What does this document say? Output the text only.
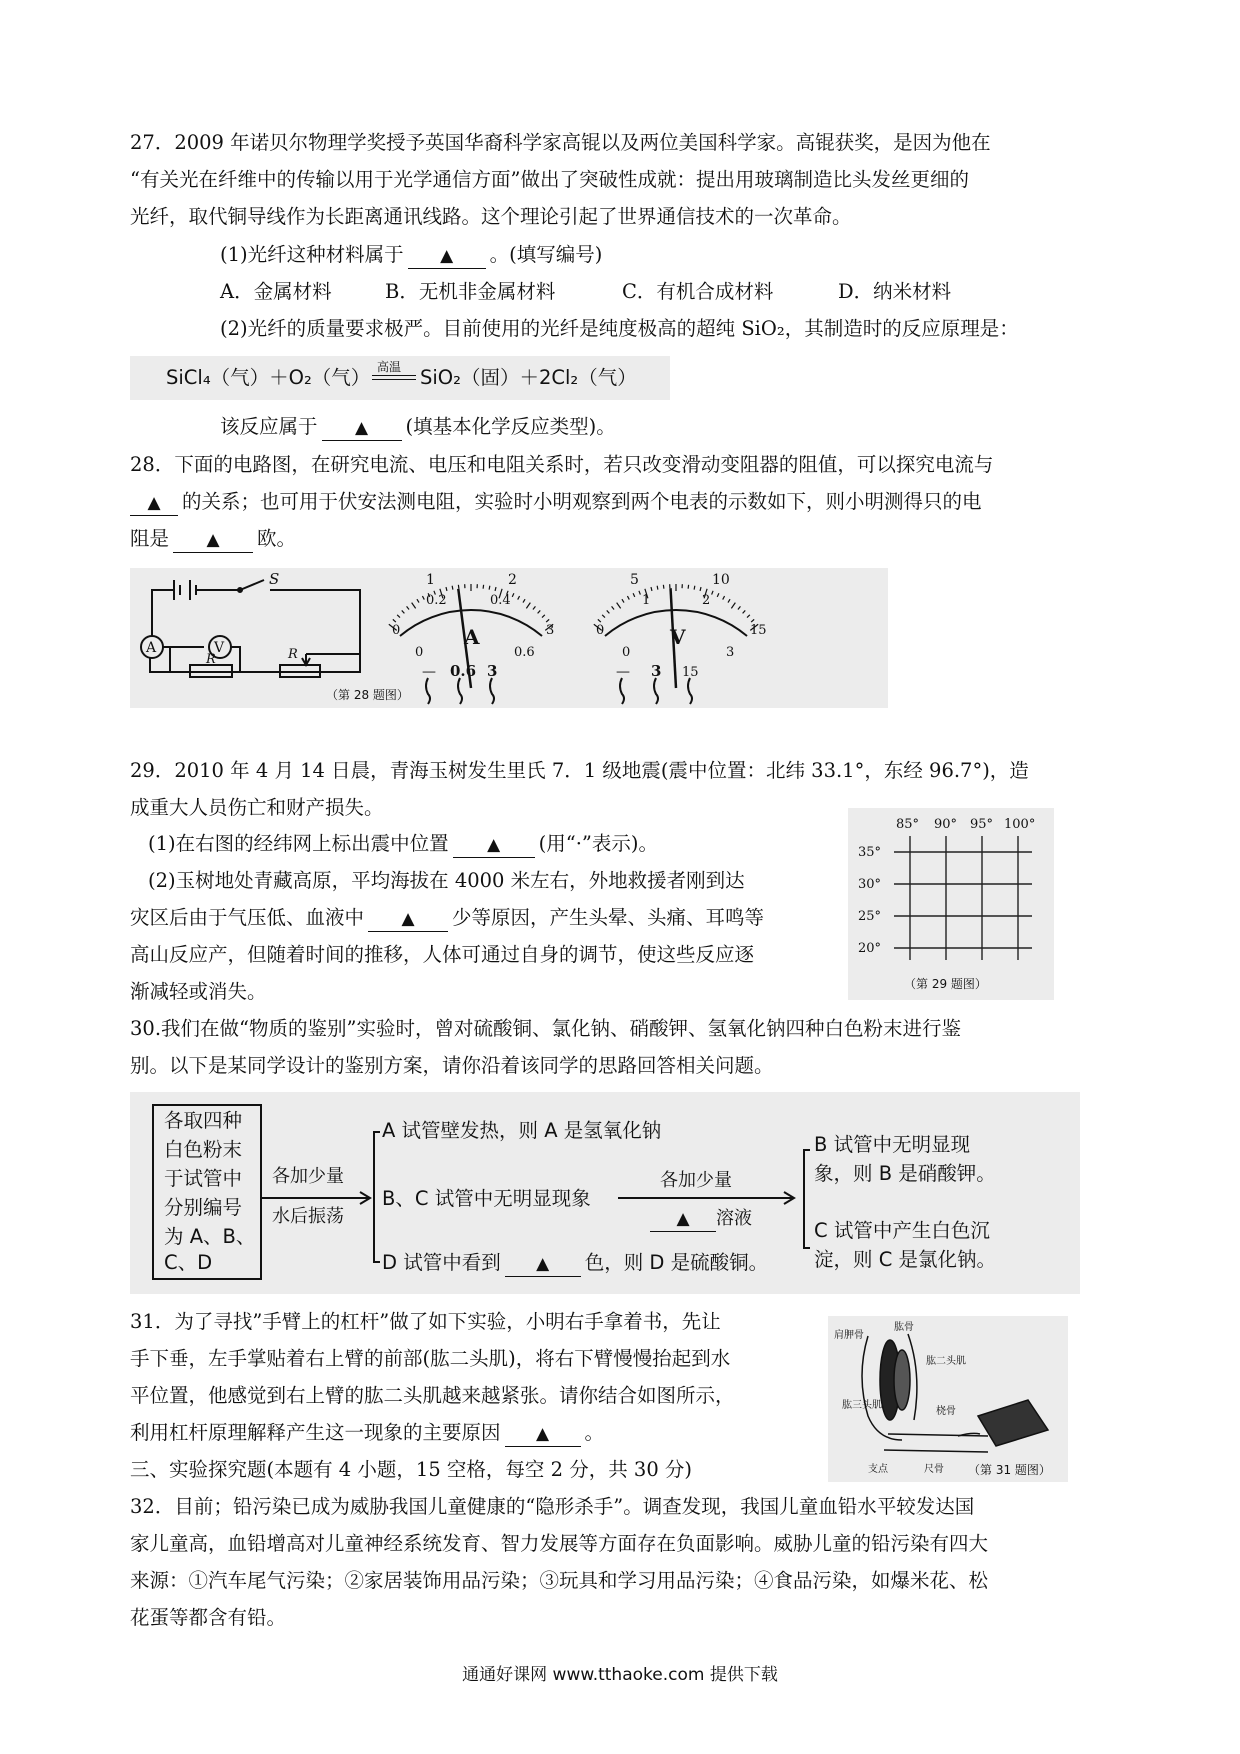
27．2009 年诺贝尔物理学奖授予英国华裔科学家高锟以及两位美国科学家。高锟获奖，是因为他在
“有关光在纤维中的传输以用于光学通信方面”做出了突破性成就：提出用玻璃制造比头发丝更细的
光纤，取代铜导线作为长距离通讯线路。这个理论引起了世界通信技术的一次革命。
(1)光纤这种材料属于 ▲ 。(填写编号)
A．金属材料	B．无机非金属材料	C．有机合成材料	D．纳米材料
(2)光纤的质量要求极严。目前使用的光纤是纯度极高的超纯 SiO₂，其制造时的反应原理是：
SiCl₄（气）＋O₂（气） 高温 SiO₂（固）＋2Cl₂（气）
该反应属于 ▲ (填基本化学反应类型)。
28．下面的电路图，在研究电流、电压和电阻关系时，若只改变滑动变阻器的阻值，可以探究电流与
▲ 的关系；也可用于伏安法测电阻，实验时小明观察到两个电表的示数如下，则小明测得只的电
阻是 ▲ 欧。
S
A	V
R	R
（第 28 题图）
1	2
0
0.2	0.4
0.6
3
0
A
— 0.6 3
5	10
0
1	2
15
3
0
V
— 3 15
29．2010 年 4 月 14 日晨，青海玉树发生里氏 7．1 级地震(震中位置：北纬 33.1°，东经 96.7°)，造
成重大人员伤亡和财产损失。
(1)在右图的经纬网上标出震中位置 ▲ (用“·”表示)。
(2)玉树地处青藏高原，平均海拔在 4000 米左右，外地救援者刚到达
灾区后由于气压低、血液中 ▲ 少等原因，产生头晕、头痛、耳鸣等
高山反应产，但随着时间的推移，人体可通过自身的调节，使这些反应逐
渐减轻或消失。
85° 90° 95° 100°
35°
30°
25°
20°
（第 29 题图）
30.我们在做“物质的鉴别”实验时，曾对硫酸铜、氯化钠、硝酸钾、氢氧化钠四种白色粉末进行鉴
别。以下是某同学设计的鉴别方案，请你沿着该同学的思路回答相关问题。
各取四种
白色粉末
于试管中
分别编号
为 A、B、
C、D
各加少量
水后振荡
A 试管壁发热，则 A 是氢氧化钠
B、C 试管中无明显现象
D 试管中看到 ▲ 色，则 D 是硫酸铜。
各加少量
▲ 溶液
B 试管中无明显现
象，则 B 是硝酸钾。
C 试管中产生白色沉
淀，则 C 是氯化钠。
31．为了寻找”手臂上的杠杆”做了如下实验，小明右手拿着书，先让
手下垂，左手掌贴着右上臂的前部(肱二头肌)，将右下臂慢慢抬起到水
平位置，他感觉到右上臂的肱二头肌越来越紧张。请你结合如图所示，
利用杠杆原理解释产生这一现象的主要原因 ▲ 。
三、实验探究题(本题有 4 小题，15 空格，每空 2 分，共 30 分)
肩胛骨
肱骨
肱二头肌
肱三头肌
桡骨
支点	尺骨 （第 31 题图）
32．目前；铅污染已成为威胁我国儿童健康的“隐形杀手”。调查发现，我国儿童血铅水平较发达国
家儿童高，血铅增高对儿童神经系统发育、智力发展等方面存在负面影响。威胁儿童的铅污染有四大
来源：①汽车尾气污染；②家居装饰用品污染；③玩具和学习用品污染；④食品污染，如爆米花、松
花蛋等都含有铅。
通通好课网 www.tthaoke.com 提供下载
